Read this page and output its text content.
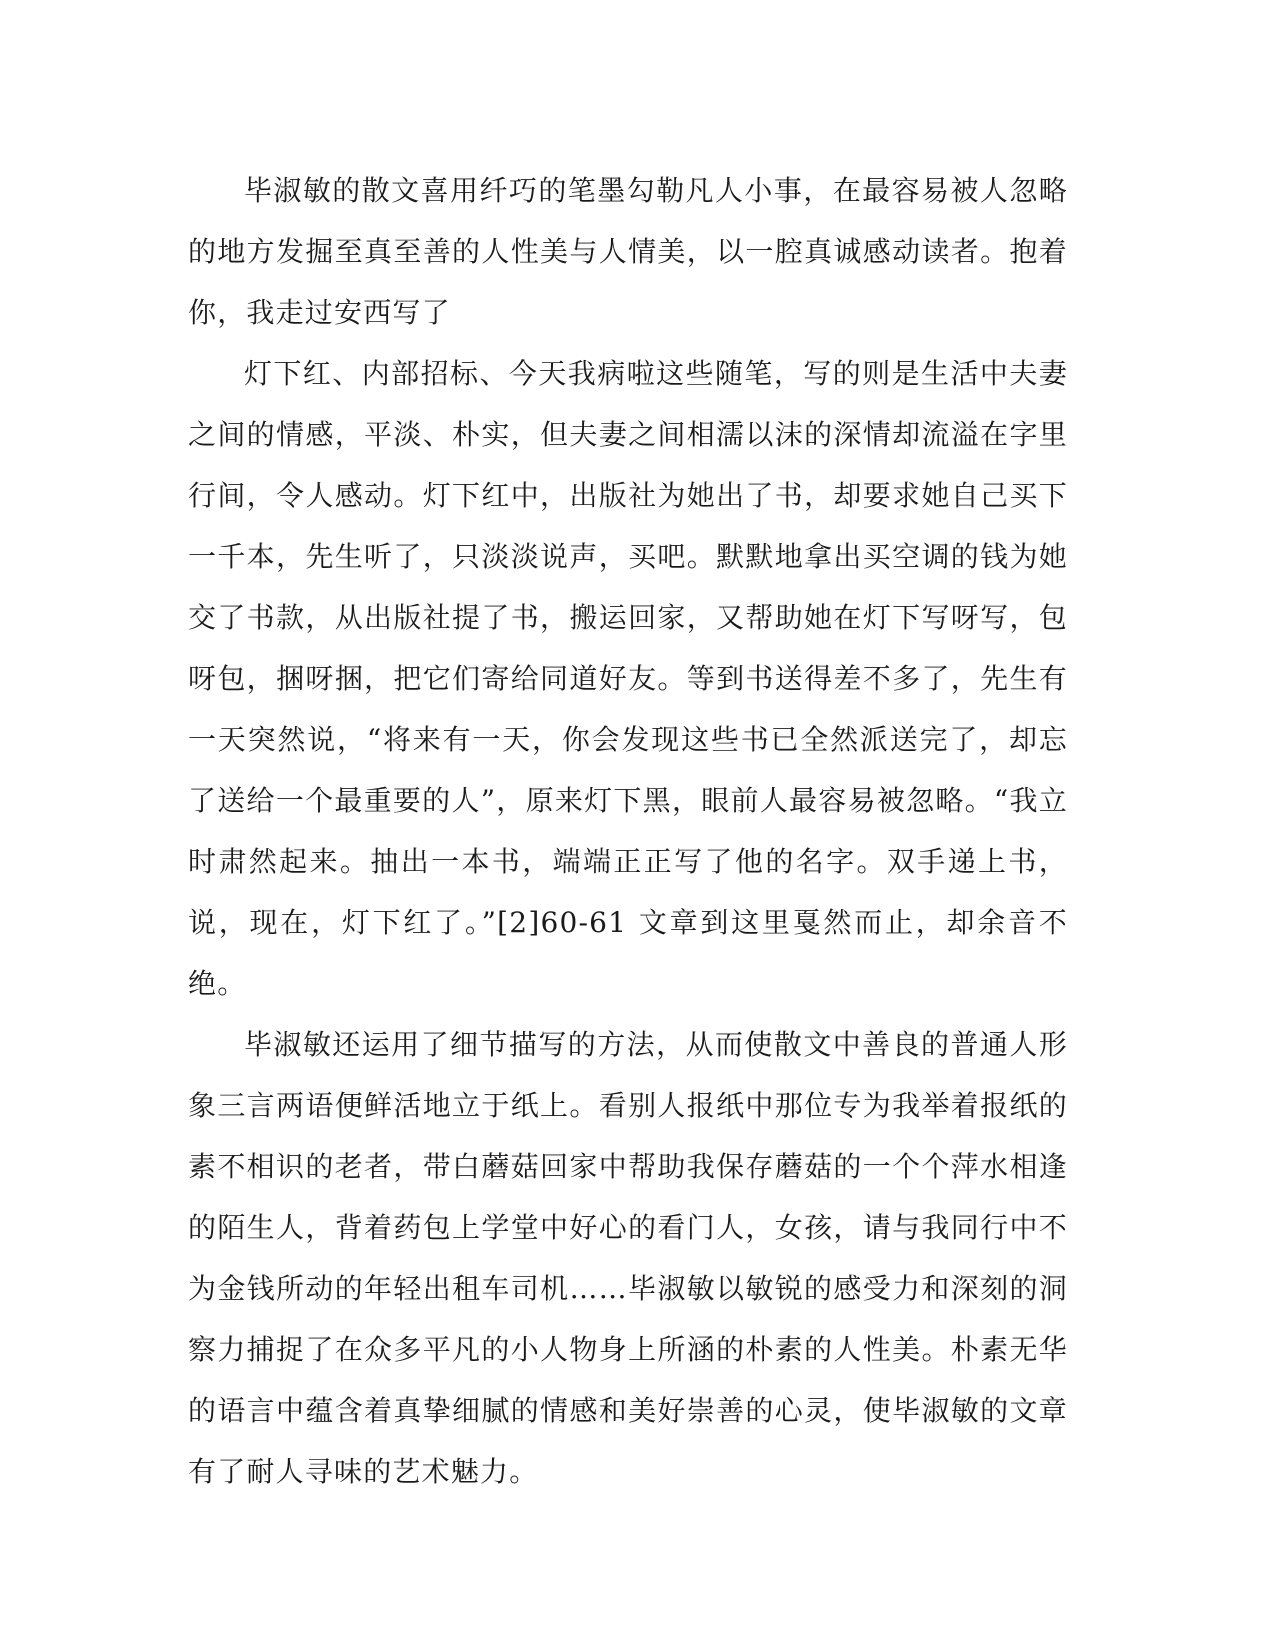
毕淑敏的散文喜用纤巧的笔墨勾勒凡人小事，在最容易被人忽略的地方发掘至真至善的人性美与人情美，以一腔真诚感动读者。抱着你，我走过安西写了

灯下红、内部招标、今天我病啦这些随笔，写的则是生活中夫妻之间的情感，平淡、朴实，但夫妻之间相濡以沫的深情却流溢在字里行间，令人感动。灯下红中，出版社为她出了书，却要求她自己买下一千本，先生听了，只淡淡说声，买吧。默默地拿出买空调的钱为她交了书款，从出版社提了书，搬运回家，又帮助她在灯下写呀写，包呀包，捆呀捆，把它们寄给同道好友。等到书送得差不多了，先生有一天突然说，“将来有一天，你会发现这些书已全然派送完了，却忘了送给一个最重要的人”，原来灯下黑，眼前人最容易被忽略。“我立时肃然起来。抽出一本书，端端正正写了他的名字。双手递上书，说，现在，灯下红了。”[2]60-61 文章到这里戛然而止，却余音不绝。

毕淑敏还运用了细节描写的方法，从而使散文中善良的普通人形象三言两语便鲜活地立于纸上。看别人报纸中那位专为我举着报纸的素不相识的老者，带白蘑菇回家中帮助我保存蘑菇的一个个萍水相逢的陌生人，背着药包上学堂中好心的看门人，女孩，请与我同行中不为金钱所动的年轻出租车司机……毕淑敏以敏锐的感受力和深刻的洞察力捕捉了在众多平凡的小人物身上所涵的朴素的人性美。朴素无华的语言中蕴含着真挚细腻的情感和美好崇善的心灵，使毕淑敏的文章有了耐人寻味的艺术魅力。
